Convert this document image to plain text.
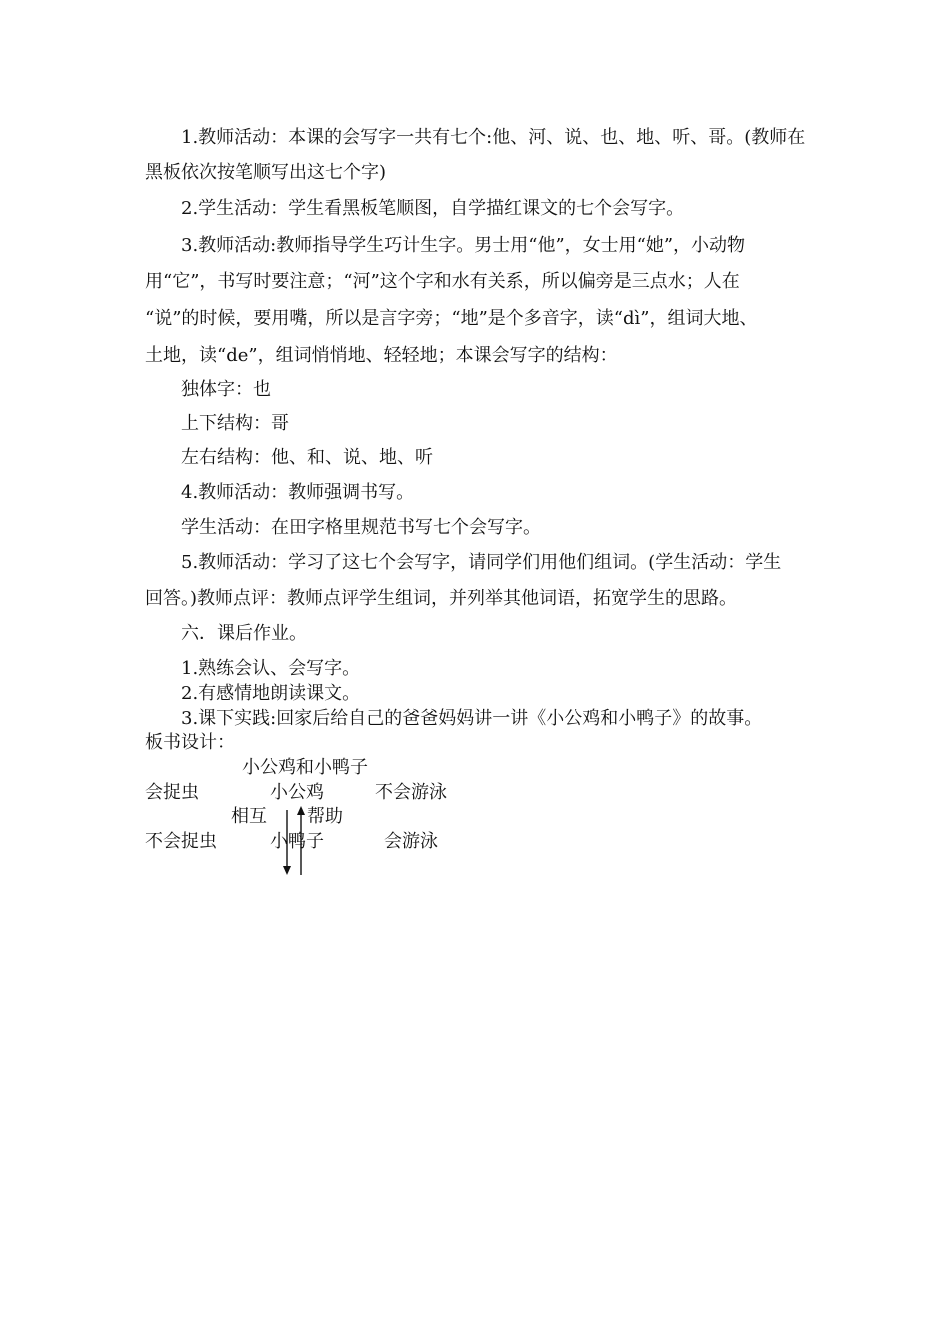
1.教师活动：本课的会写字一共有七个:他、河、说、也、地、听、哥。(教师在
黑板依次按笔顺写出这七个字)
2.学生活动：学生看黑板笔顺图，自学描红课文的七个会写字。
3.教师活动:教师指导学生巧计生字。男士用“他”，女士用“她”，小动物
用“它”，书写时要注意；“河”这个字和水有关系，所以偏旁是三点水；人在
“说”的时候，要用嘴，所以是言字旁；“地”是个多音字，读“dì”，组词大地、
土地，读“de”，组词悄悄地、轻轻地；本课会写字的结构：
独体字：也
上下结构：哥
左右结构：他、和、说、地、听
4.教师活动：教师强调书写。
学生活动：在田字格里规范书写七个会写字。
5.教师活动：学习了这七个会写字，请同学们用他们组词。(学生活动：学生
回答。)教师点评：教师点评学生组词，并列举其他词语，拓宽学生的思路。
六．课后作业。
1.熟练会认、会写字。
2.有感情地朗读课文。
3.课下实践:回家后给自己的爸爸妈妈讲一讲《小公鸡和小鸭子》的故事。
板书设计：
小公鸡和小鸭子
会捉虫	小公鸡	不会游泳
相互 帮助
不会捉虫	小鸭子	会游泳
